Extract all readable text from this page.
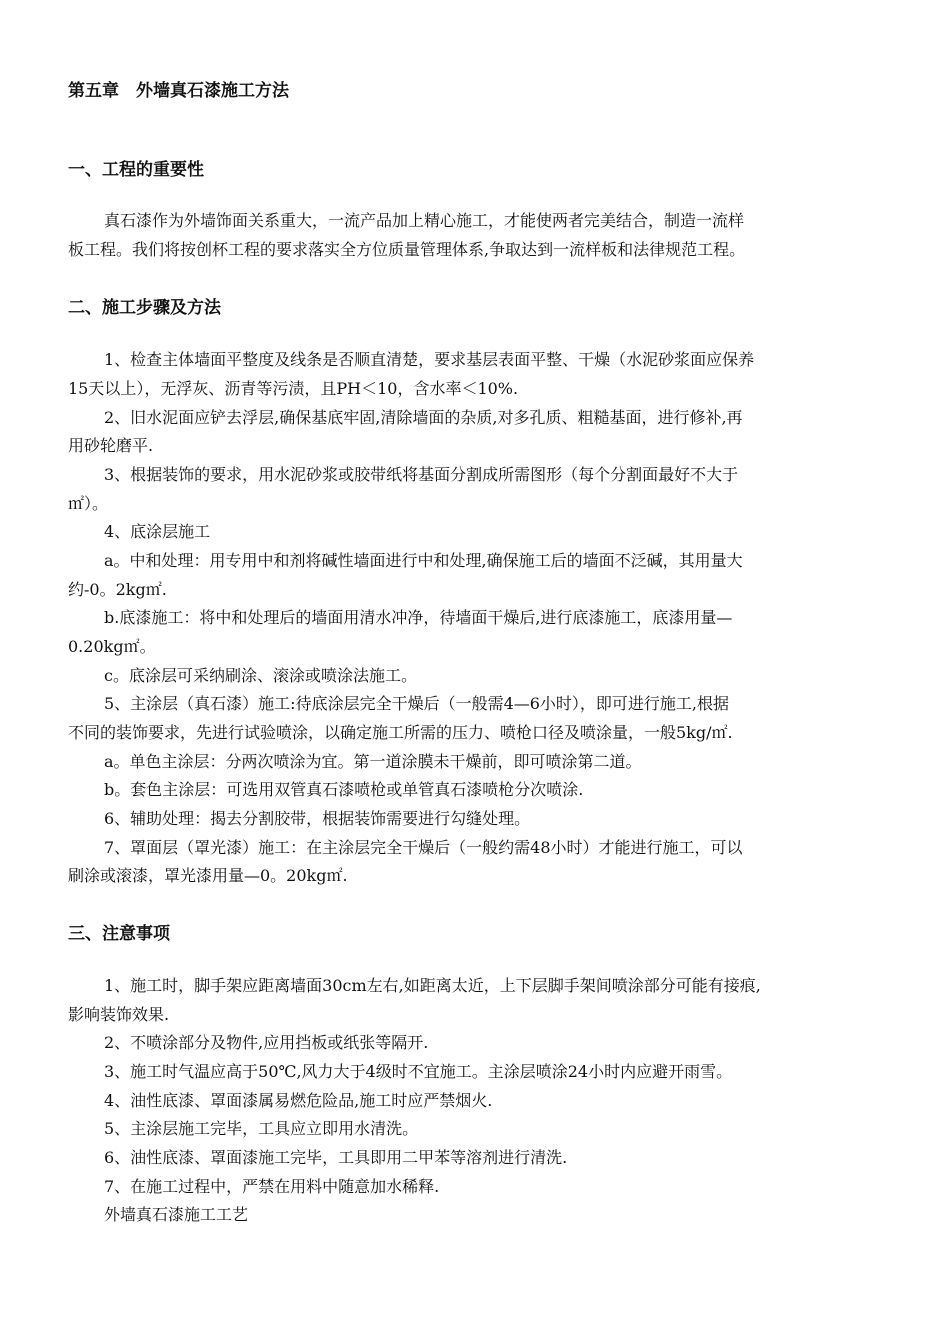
第五章　外墙真石漆施工方法
一、工程的重要性
真石漆作为外墙饰面关系重大，一流产品加上精心施工，才能使两者完美结合，制造一流样
板工程。我们将按创杯工程的要求落实全方位质量管理体系,争取达到一流样板和法律规范工程。
二、施工步骤及方法
1、检查主体墙面平整度及线条是否顺直清楚，要求基层表面平整、干燥（水泥砂浆面应保养
15天以上），无浮灰、沥青等污渍，且PH＜10，含水率＜10%.
2、旧水泥面应铲去浮层,确保基底牢固,清除墙面的杂质,对多孔质、粗糙基面，进行修补,再
用砂轮磨平.
3、根据装饰的要求，用水泥砂浆或胶带纸将基面分割成所需图形（每个分割面最好不大于
㎡）。
4、底涂层施工
a。中和处理：用专用中和剂将碱性墙面进行中和处理,确保施工后的墙面不泛碱，其用量大
约-0。2kg㎡.
b.底漆施工：将中和处理后的墙面用清水冲净，待墙面干燥后,进行底漆施工，底漆用量—
0.20kg㎡。
c。底涂层可采纳刷涂、滚涂或喷涂法施工。
5、主涂层（真石漆）施工:待底涂层完全干燥后（一般需4—6小时），即可进行施工,根据
不同的装饰要求，先进行试验喷涂，以确定施工所需的压力、喷枪口径及喷涂量，一般5kg/㎡.
a。单色主涂层：分两次喷涂为宜。第一道涂膜未干燥前，即可喷涂第二道。
b。套色主涂层：可选用双管真石漆喷枪或单管真石漆喷枪分次喷涂.
6、辅助处理：揭去分割胶带，根据装饰需要进行勾缝处理。
7、罩面层（罩光漆）施工：在主涂层完全干燥后（一般约需48小时）才能进行施工，可以
刷涂或滚漆，罩光漆用量—0。20kg㎡.
三、注意事项
1、施工时，脚手架应距离墙面30cm左右,如距离太近，上下层脚手架间喷涂部分可能有接痕,
影响装饰效果.
2、不喷涂部分及物件,应用挡板或纸张等隔开.
3、施工时气温应高于50℃,风力大于4级时不宜施工。主涂层喷涂24小时内应避开雨雪。
4、油性底漆、罩面漆属易燃危险品,施工时应严禁烟火.
5、主涂层施工完毕，工具应立即用水清洗。
6、油性底漆、罩面漆施工完毕，工具即用二甲苯等溶剂进行清洗.
7、在施工过程中，严禁在用料中随意加水稀释.
外墙真石漆施工工艺
